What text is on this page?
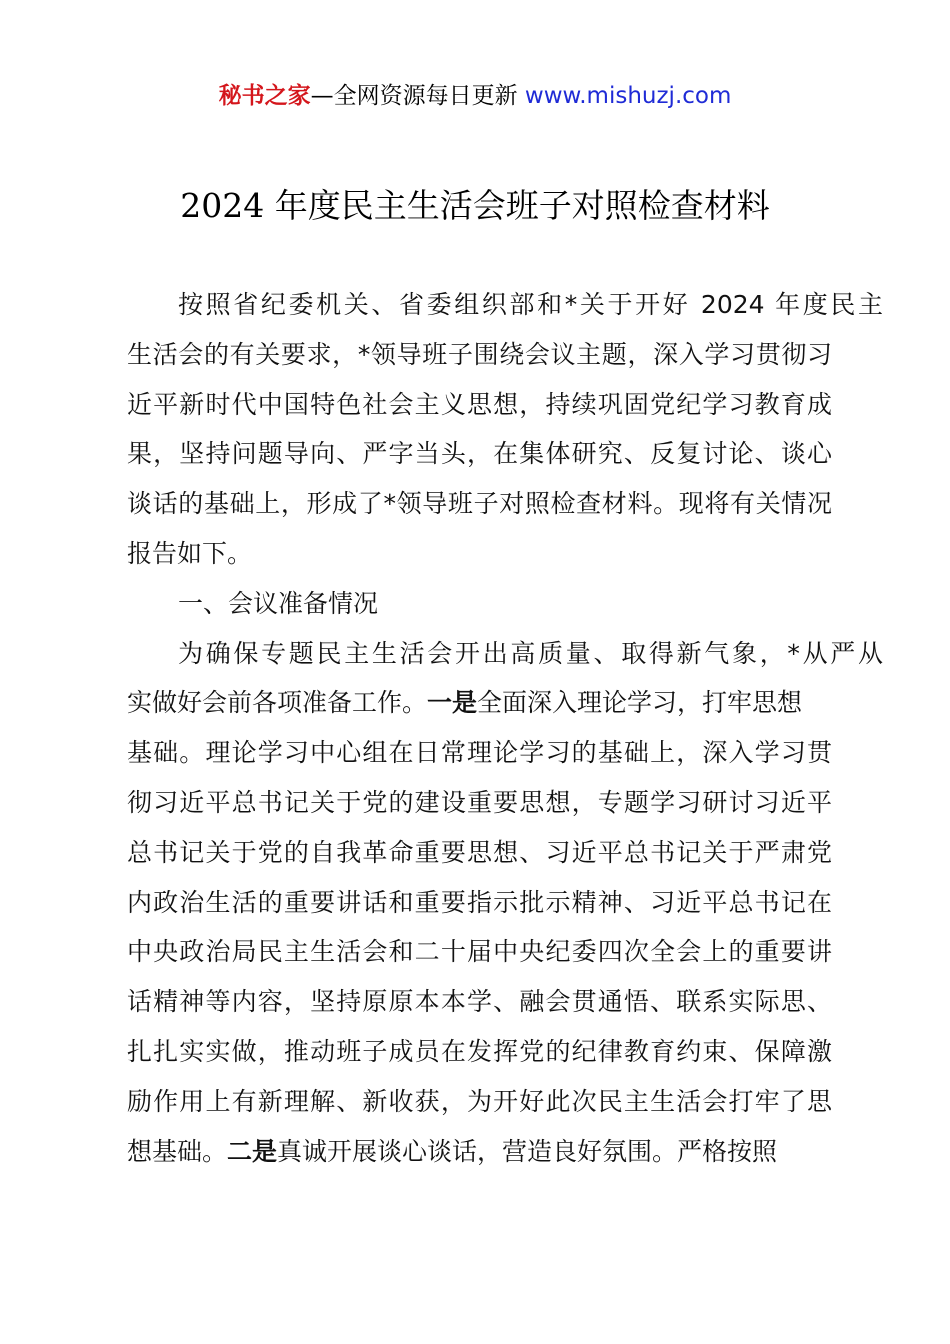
秘书之家—全网资源每日更新 www.mishuzj.com
2024 年度民主生活会班子对照检查材料
按照省纪委机关、省委组织部和*关于开好 2024 年度民主
生活会的有关要求，*领导班子围绕会议主题，深入学习贯彻习
近平新时代中国特色社会主义思想，持续巩固党纪学习教育成
果，坚持问题导向、严字当头，在集体研究、反复讨论、谈心
谈话的基础上，形成了*领导班子对照检查材料。现将有关情况
报告如下。
一、会议准备情况
为确保专题民主生活会开出高质量、取得新气象，*从严从
实做好会前各项准备工作。一是全面深入理论学习，打牢思想
基础。理论学习中心组在日常理论学习的基础上，深入学习贯
彻习近平总书记关于党的建设重要思想，专题学习研讨习近平
总书记关于党的自我革命重要思想、习近平总书记关于严肃党
内政治生活的重要讲话和重要指示批示精神、习近平总书记在
中央政治局民主生活会和二十届中央纪委四次全会上的重要讲
话精神等内容，坚持原原本本学、融会贯通悟、联系实际思、
扎扎实实做，推动班子成员在发挥党的纪律教育约束、保障激
励作用上有新理解、新收获，为开好此次民主生活会打牢了思
想基础。二是真诚开展谈心谈话，营造良好氛围。严格按照
